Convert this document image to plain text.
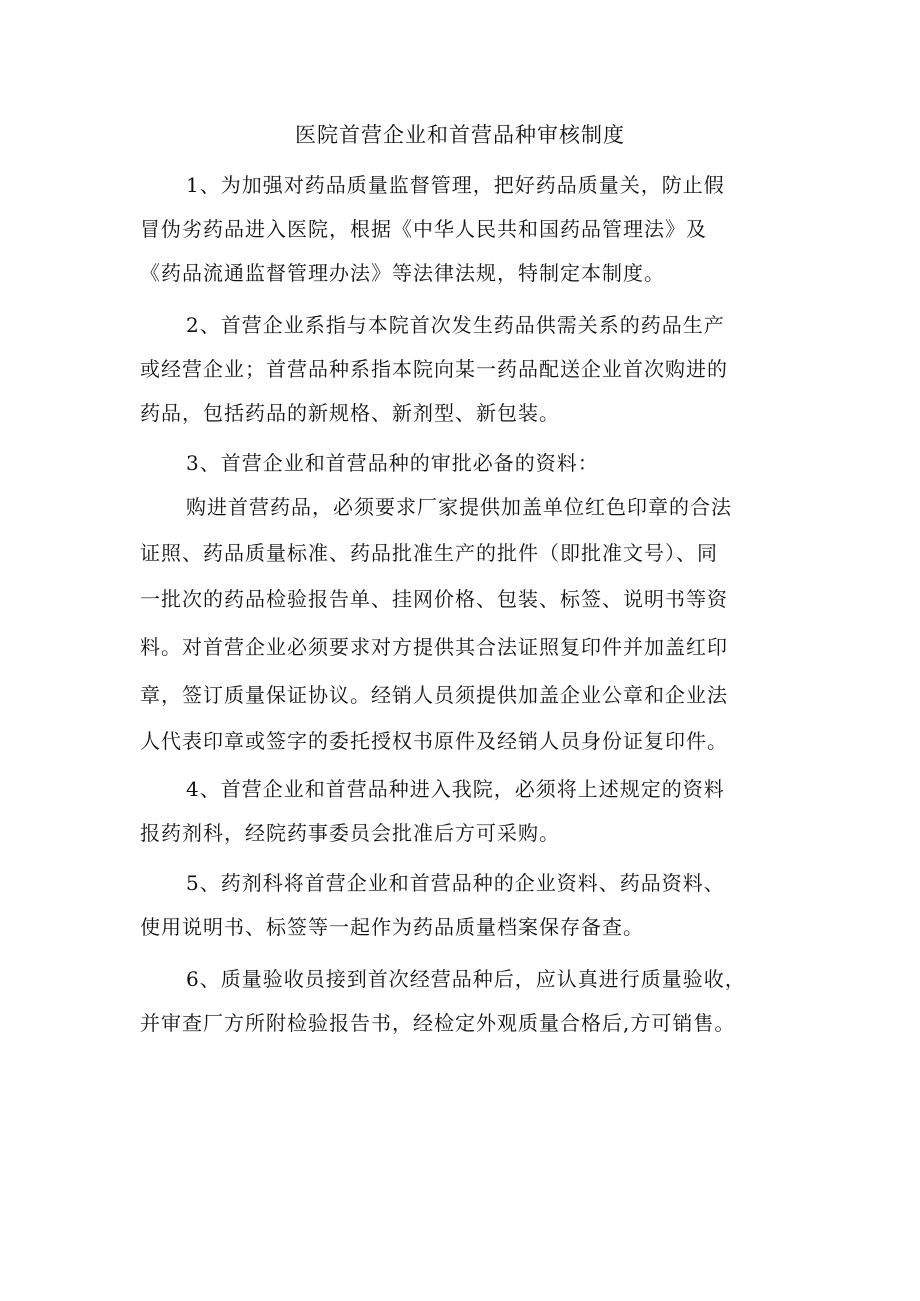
医院首营企业和首营品种审核制度
1、为加强对药品质量监督管理，把好药品质量关，防止假
冒伪劣药品进入医院，根据《中华人民共和国药品管理法》及
《药品流通监督管理办法》等法律法规，特制定本制度。
2、首营企业系指与本院首次发生药品供需关系的药品生产
或经营企业；首营品种系指本院向某一药品配送企业首次购进的
药品，包括药品的新规格、新剂型、新包装。
3、首营企业和首营品种的审批必备的资料：
购进首营药品，必须要求厂家提供加盖单位红色印章的合法
证照、药品质量标准、药品批准生产的批件（即批准文号）、同
一批次的药品检验报告单、挂网价格、包装、标签、说明书等资
料。对首营企业必须要求对方提供其合法证照复印件并加盖红印
章，签订质量保证协议。经销人员须提供加盖企业公章和企业法
人代表印章或签字的委托授权书原件及经销人员身份证复印件。
4、首营企业和首营品种进入我院，必须将上述规定的资料
报药剂科，经院药事委员会批准后方可采购。
5、药剂科将首营企业和首营品种的企业资料、药品资料、
使用说明书、标签等一起作为药品质量档案保存备查。
6、质量验收员接到首次经营品种后，应认真进行质量验收，
并审查厂方所附检验报告书，经检定外观质量合格后,方可销售。
